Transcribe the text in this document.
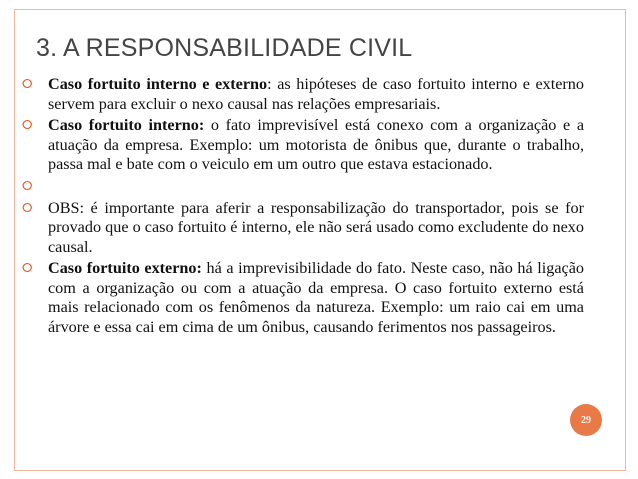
3. A RESPONSABILIDADE CIVIL
⭘ Caso fortuito interno e externo: as hipóteses de caso fortuito interno e externo servem para excluir o nexo causal nas relações empresariais.
⭘ Caso fortuito interno: o fato imprevisível está conexo com a organização e a atuação da empresa. Exemplo: um motorista de ônibus que, durante o trabalho, passa mal e bate com o veiculo em um outro que estava estacionado.
⭘
⭘ OBS: é importante para aferir a responsabilização do transportador, pois se for provado que o caso fortuito é interno, ele não será usado como excludente do nexo causal.
⭘ Caso fortuito externo: há a imprevisibilidade do fato. Neste caso, não há ligação com a organização ou com a atuação da empresa. O caso fortuito externo está mais relacionado com os fenômenos da natureza. Exemplo: um raio cai em uma árvore e essa cai em cima de um ônibus, causando ferimentos nos passageiros.
29
